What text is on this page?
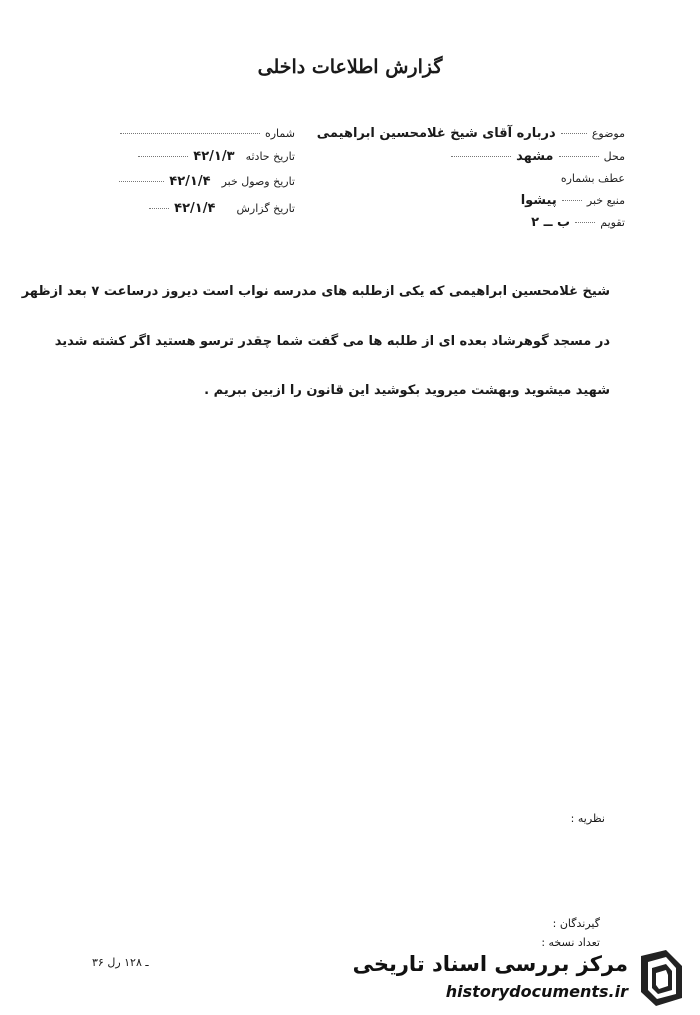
گزارش اطلاعات داخلی
موضوع  درباره آقای شیخ غلامحسین ابراهیمی
محل  مشهد
عطف بشماره
منبع خبر  پیشوا
تقویم  ب ــ ۲
شماره
تاریخ حادثه ۴۲/۱/۳
تاریخ وصول خبر ۴۲/۱/۴
تاریخ گزارش ۴۲/۱/۴
شیخ غلامحسین ابراهیمی که یکی ازطلبه های مدرسه نواب است دیروز درساعت ۷ بعد ازظهر
در مسجد گوهرشاد بعده ای از طلبه ها می گفت شما چقدر ترسو هستید اگر کشته شدید
شهید میشوید وبهشت میروید بکوشید این قانون را ازبین ببریم .
نظریه :
گیرندگان :
تعداد نسخه :
۳۶ ـ ۱۲۸ رل	مرکز بررسی اسناد تاریخی
historydocuments.ir
